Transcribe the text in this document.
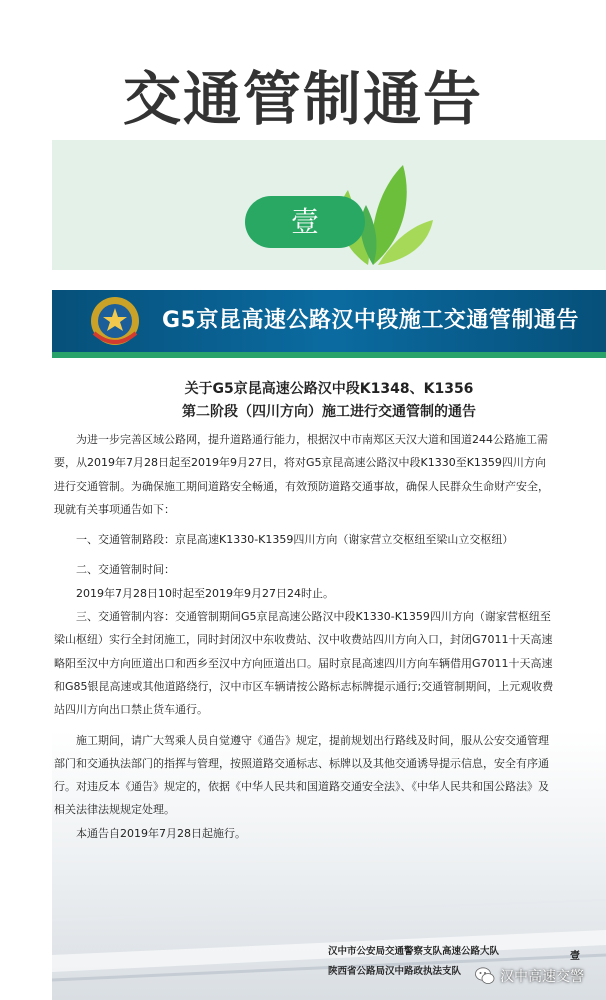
交通管制通告
壹
G5京昆高速公路汉中段施工交通管制通告
关于G5京昆高速公路汉中段K1348、K1356
第二阶段（四川方向）施工进行交通管制的通告

为进一步完善区域公路网，提升道路通行能力，根据汉中市南郑区天汉大道和国道244公路施工需要，从2019年7月28日起至2019年9月27日，将对G5京昆高速公路汉中段K1330至K1359四川方向进行交通管制。为确保施工期间道路安全畅通，有效预防道路交通事故，确保人民群众生命财产安全，现就有关事项通告如下：

一、交通管制路段：京昆高速K1330-K1359四川方向（谢家营立交枢纽至梁山立交枢纽）

二、交通管制时间：

2019年7月28日10时起至2019年9月27日24时止。

三、交通管制内容：交通管制期间G5京昆高速公路汉中段K1330-K1359四川方向（谢家营枢纽至梁山枢纽）实行全封闭施工，同时封闭汉中东收费站、汉中收费站四川方向入口，封闭G7011十天高速略阳至汉中方向匝道出口和西乡至汉中方向匝道出口。届时京昆高速四川方向车辆借用G7011十天高速和G85银昆高速或其他道路绕行，汉中市区车辆请按公路标志标牌提示通行;交通管制期间，上元观收费站四川方向出口禁止货车通行。

施工期间，请广大驾乘人员自觉遵守《通告》规定，提前规划出行路线及时间，服从公安交通管理部门和交通执法部门的指挥与管理，按照道路交通标志、标牌以及其他交通诱导提示信息，安全有序通行。对违反本《通告》规定的，依据《中华人民共和国道路交通安全法》、《中华人民共和国公路法》及相关法律法规规定处理。

本通告自2019年7月28日起施行。

汉中市公安局交通警察支队高速公路大队
陕西省公路局汉中路政执法支队
壹
汉中高速交警
